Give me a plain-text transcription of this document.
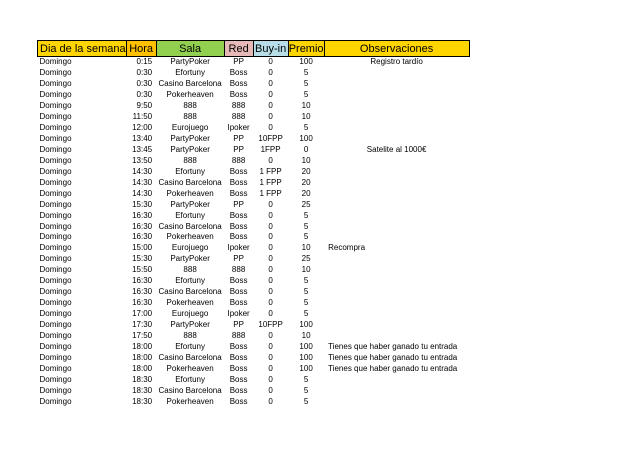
Dia de la semana	Hora	Sala	Red	Buy-in	Premio	Observaciones
Domingo	0:15	PartyPoker	PP	0	100	Registro tardío
Domingo	0:30	Efortuny	Boss	0	5	
Domingo	0:30	Casino Barcelona	Boss	0	5	
Domingo	0:30	Pokerheaven	Boss	0	5	
Domingo	9:50	888	888	0	10	
Domingo	11:50	888	888	0	10	
Domingo	12:00	Eurojuego	Ipoker	0	5	
Domingo	13:40	PartyPoker	PP	10FPP	100	
Domingo	13:45	PartyPoker	PP	1FPP	0	Satelite al 1000€
Domingo	13:50	888	888	0	10	
Domingo	14:30	Efortuny	Boss	1 FPP	20	
Domingo	14:30	Casino Barcelona	Boss	1 FPP	20	
Domingo	14:30	Pokerheaven	Boss	1 FPP	20	
Domingo	15:30	PartyPoker	PP	0	25	
Domingo	16:30	Efortuny	Boss	0	5	
Domingo	16:30	Casino Barcelona	Boss	0	5	
Domingo	16:30	Pokerheaven	Boss	0	5	
Domingo	15:00	Eurojuego	Ipoker	0	10	Recompra
Domingo	15:30	PartyPoker	PP	0	25	
Domingo	15:50	888	888	0	10	
Domingo	16:30	Efortuny	Boss	0	5	
Domingo	16:30	Casino Barcelona	Boss	0	5	
Domingo	16:30	Pokerheaven	Boss	0	5	
Domingo	17:00	Eurojuego	Ipoker	0	5	
Domingo	17:30	PartyPoker	PP	10FPP	100	
Domingo	17:50	888	888	0	10	
Domingo	18:00	Efortuny	Boss	0	100	Tienes que haber ganado tu entrada
Domingo	18:00	Casino Barcelona	Boss	0	100	Tienes que haber ganado tu entrada
Domingo	18:00	Pokerheaven	Boss	0	100	Tienes que haber ganado tu entrada
Domingo	18:30	Efortuny	Boss	0	5	
Domingo	18:30	Casino Barcelona	Boss	0	5	
Domingo	18:30	Pokerheaven	Boss	0	5	
